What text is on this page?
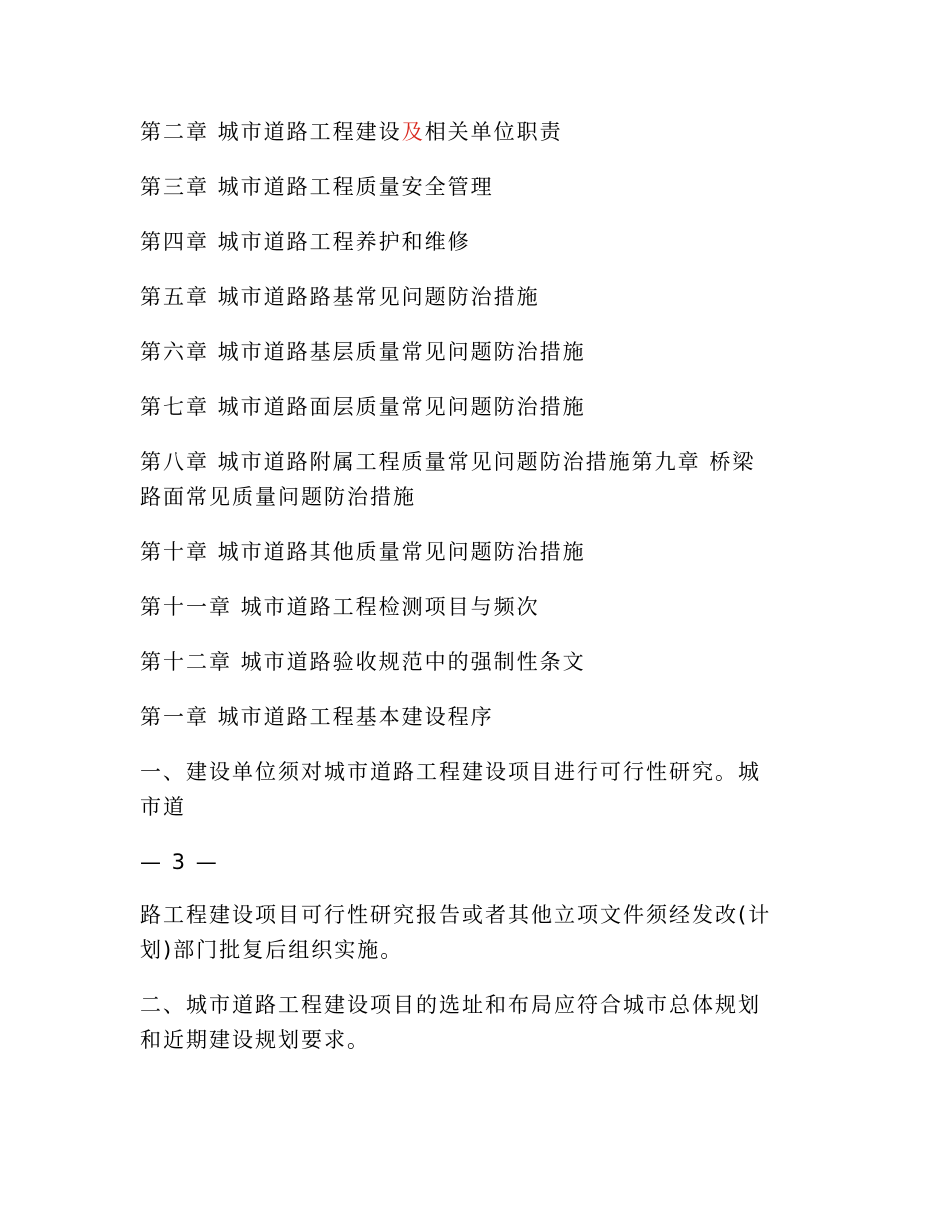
第二章 城市道路工程建设及相关单位职责
第三章 城市道路工程质量安全管理
第四章 城市道路工程养护和维修
第五章 城市道路路基常见问题防治措施
第六章 城市道路基层质量常见问题防治措施
第七章 城市道路面层质量常见问题防治措施
第八章 城市道路附属工程质量常见问题防治措施第九章 桥梁
路面常见质量问题防治措施
第十章 城市道路其他质量常见问题防治措施
第十一章 城市道路工程检测项目与频次
第十二章 城市道路验收规范中的强制性条文
第一章 城市道路工程基本建设程序
一、建设单位须对城市道路工程建设项目进行可行性研究。城
市道
— 3 —
路工程建设项目可行性研究报告或者其他立项文件须经发改(计
划)部门批复后组织实施。
二、城市道路工程建设项目的选址和布局应符合城市总体规划
和近期建设规划要求。
